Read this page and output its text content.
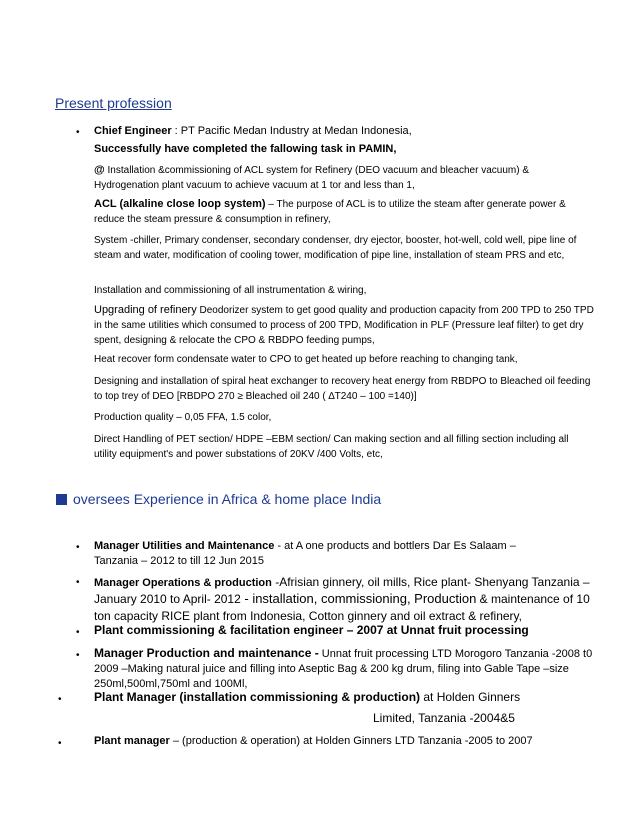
Present profession
• Chief Engineer : PT Pacific Medan Industry at Medan Indonesia,
Successfully have completed the fallowing task in PAMIN,
@ Installation &commissioning of ACL system for Refinery (DEO vacuum and bleacher vacuum) & Hydrogenation plant vacuum to achieve vacuum at 1 tor and less than 1,
ACL (alkaline close loop system) – The purpose of ACL is to utilize the steam after generate power & reduce the steam pressure & consumption in refinery,
System -chiller, Primary condenser, secondary condenser, dry ejector, booster, hot-well, cold well, pipe line of steam and water, modification of cooling tower, modification of pipe line, installation of steam PRS and etc,
Installation and commissioning of all instrumentation & wiring,
Upgrading of refinery Deodorizer system to get good quality and production capacity from 200 TPD to 250 TPD in the same utilities which consumed to process of 200 TPD, Modification in PLF (Pressure leaf filter) to get dry spent, designing & relocate the CPO & RBDPO feeding pumps,
Heat recover form condensate water to CPO to get heated up before reaching to changing tank,
Designing and installation of spiral heat exchanger to recovery heat energy from RBDPO to Bleached oil feeding to top trey of DEO [RBDPO 270 ≥ Bleached oil 240 ( ∆T240 – 100 =140)]
Production quality – 0,05 FFA, 1.5 color,
Direct Handling of PET section/ HDPE –EBM section/ Can making section and all filling section including all utility equipment's and power substations of 20KV /400 Volts, etc,
oversees Experience in Africa & home place India
• Manager Utilities and Maintenance - at A one products and bottlers Dar Es Salaam –
Tanzania – 2012 to till 12 Jun 2015
• Manager Operations & production -Afrisian ginnery, oil mills, Rice plant- Shenyang Tanzania –
January 2010 to April- 2012 - installation, commissioning, Production & maintenance of 10
ton capacity RICE plant from Indonesia, Cotton ginnery and oil extract & refinery,
• Plant commissioning & facilitation engineer – 2007 at Unnat fruit processing
• Manager Production and maintenance - Unnat fruit processing LTD Morogoro Tanzania -2008 t0
2009 –Making natural juice and filling into Aseptic Bag & 200 kg drum, filing into Gable Tape –size
250ml,500ml,750ml and 100Ml,
•	Plant Manager (installation commissioning & production) at Holden Ginners
Limited, Tanzania -2004&5
•	Plant manager – (production & operation) at Holden Ginners LTD Tanzania -2005 to 2007
